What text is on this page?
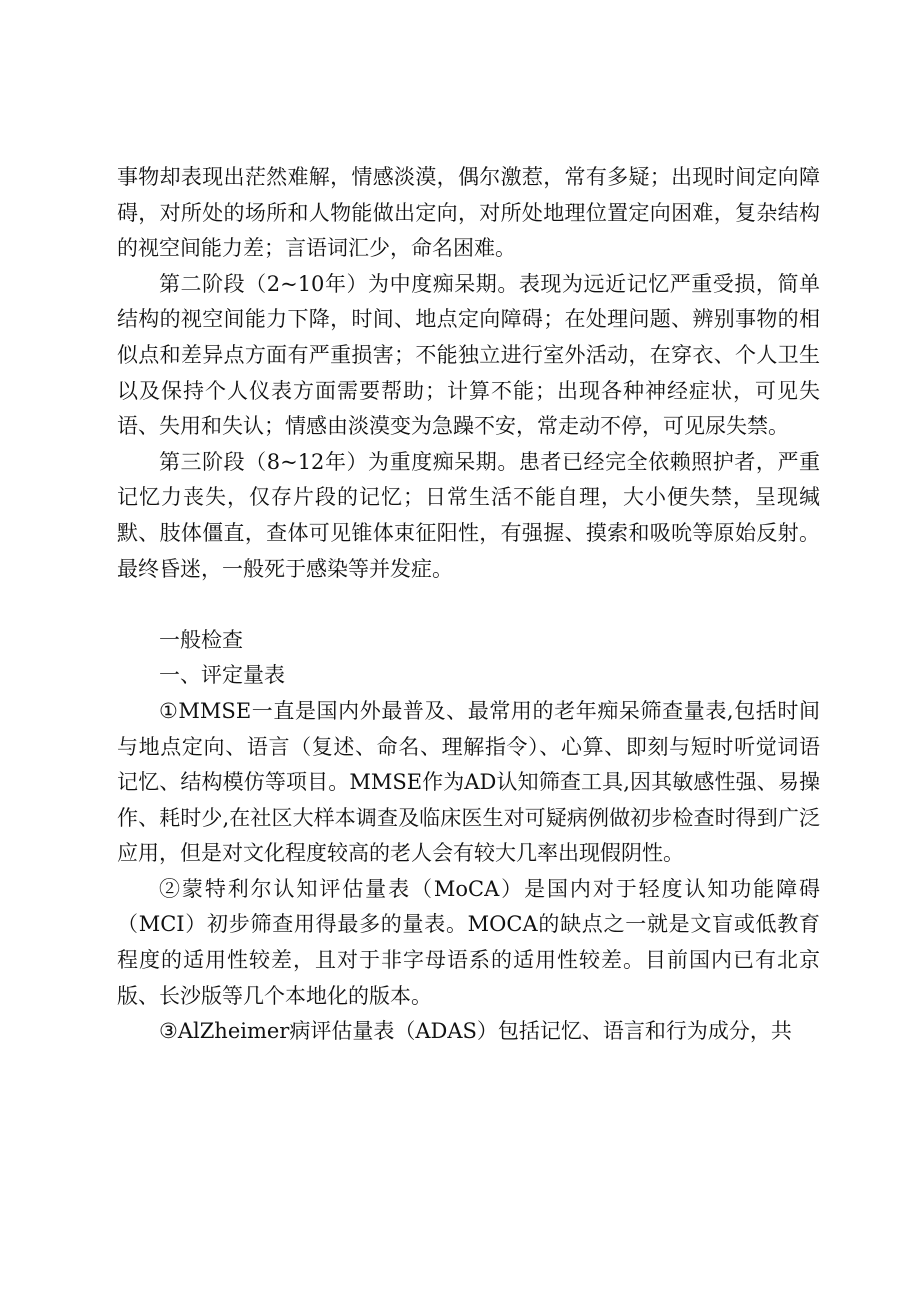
事物却表现出茫然难解，情感淡漠，偶尔激惹，常有多疑；出现时间定向障碍，对所处的场所和人物能做出定向，对所处地理位置定向困难，复杂结构的视空间能力差；言语词汇少，命名困难。

第二阶段（2~10年）为中度痴呆期。表现为远近记忆严重受损，简单结构的视空间能力下降，时间、地点定向障碍；在处理问题、辨别事物的相似点和差异点方面有严重损害；不能独立进行室外活动，在穿衣、个人卫生以及保持个人仪表方面需要帮助；计算不能；出现各种神经症状，可见失语、失用和失认；情感由淡漠变为急躁不安，常走动不停，可见尿失禁。

第三阶段（8~12年）为重度痴呆期。患者已经完全依赖照护者，严重记忆力丧失，仅存片段的记忆；日常生活不能自理，大小便失禁，呈现缄默、肢体僵直，查体可见锥体束征阳性，有强握、摸索和吸吮等原始反射。最终昏迷，一般死于感染等并发症。

一般检查

一、评定量表

①MMSE一直是国内外最普及、最常用的老年痴呆筛查量表,包括时间与地点定向、语言（复述、命名、理解指令）、心算、即刻与短时听觉词语记忆、结构模仿等项目。MMSE作为AD认知筛查工具,因其敏感性强、易操作、耗时少,在社区大样本调查及临床医生对可疑病例做初步检查时得到广泛应用，但是对文化程度较高的老人会有较大几率出现假阴性。

②蒙特利尔认知评估量表（MoCA）是国内对于轻度认知功能障碍（MCI）初步筛查用得最多的量表。MOCA的缺点之一就是文盲或低教育程度的适用性较差，且对于非字母语系的适用性较差。目前国内已有北京版、长沙版等几个本地化的版本。

③AlZheimer病评估量表（ADAS）包括记忆、语言和行为成分，共
